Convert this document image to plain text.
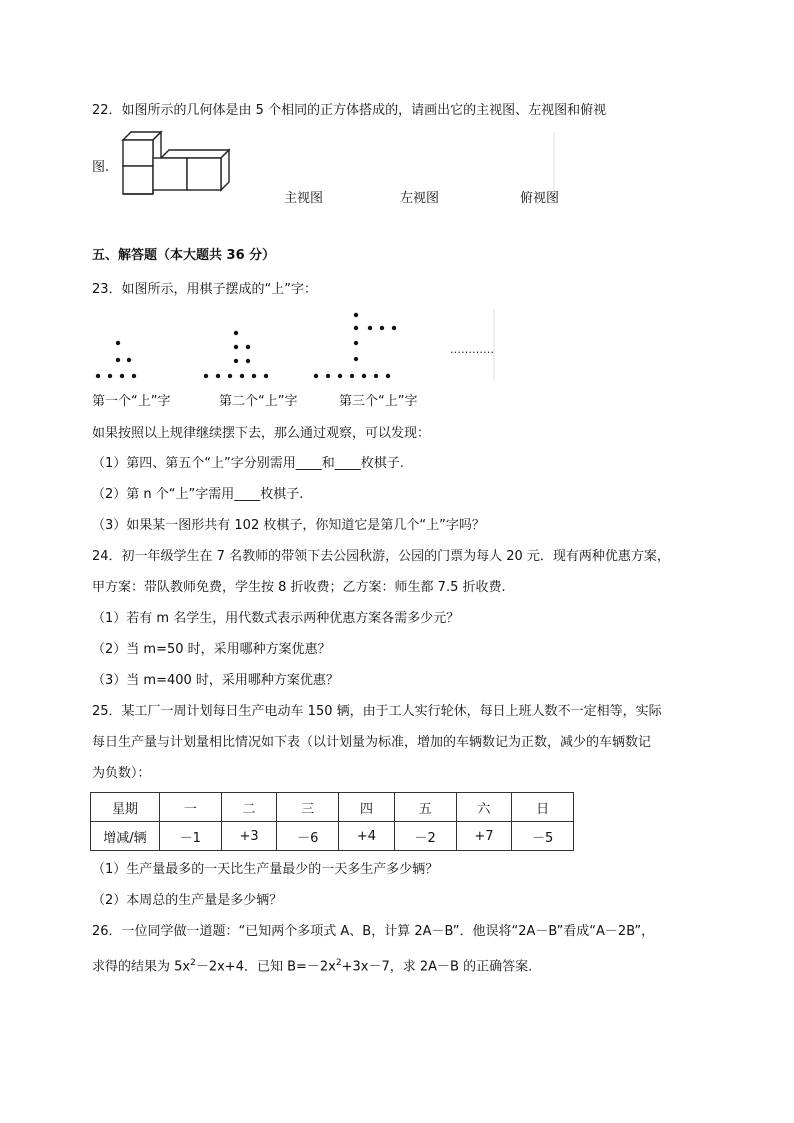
22．如图所示的几何体是由 5 个相同的正方体搭成的，请画出它的主视图、左视图和俯视
图.
主视图	左视图	俯视图
五、解答题（本大题共 36 分）
23．如图所示，用棋子摆成的“上”字：
…………
第一个“上”字	第二个“上”字	第三个“上”字
如果按照以上规律继续摆下去，那么通过观察，可以发现：
（1）第四、第五个“上”字分别需用____和____枚棋子.
（2）第 n 个“上”字需用____枚棋子.
（3）如果某一图形共有 102 枚棋子，你知道它是第几个“上”字吗？
24．初一年级学生在 7 名教师的带领下去公园秋游，公园的门票为每人 20 元．现有两种优惠方案，
甲方案：带队教师免费，学生按 8 折收费；乙方案：师生都 7.5 折收费.
（1）若有 m 名学生，用代数式表示两种优惠方案各需多少元？
（2）当 m=50 时，采用哪种方案优惠？
（3）当 m=400 时，采用哪种方案优惠？
25．某工厂一周计划每日生产电动车 150 辆，由于工人实行轮休，每日上班人数不一定相等，实际
每日生产量与计划量相比情况如下表（以计划量为标准，增加的车辆数记为正数，减少的车辆数记
为负数）：
星期	一	二	三	四	五	六	日
增减/辆	－1	+3	－6	+4	－2	+7	－5
（1）生产量最多的一天比生产量最少的一天多生产多少辆？
（2）本周总的生产量是多少辆？
26．一位同学做一道题：“已知两个多项式 A、B，计算 2A－B”．他误将“2A－B”看成“A－2B”，
求得的结果为 $5x^2-2x+4$．已知 $B=-2x^2+3x-7$，求 2A－B 的正确答案.
